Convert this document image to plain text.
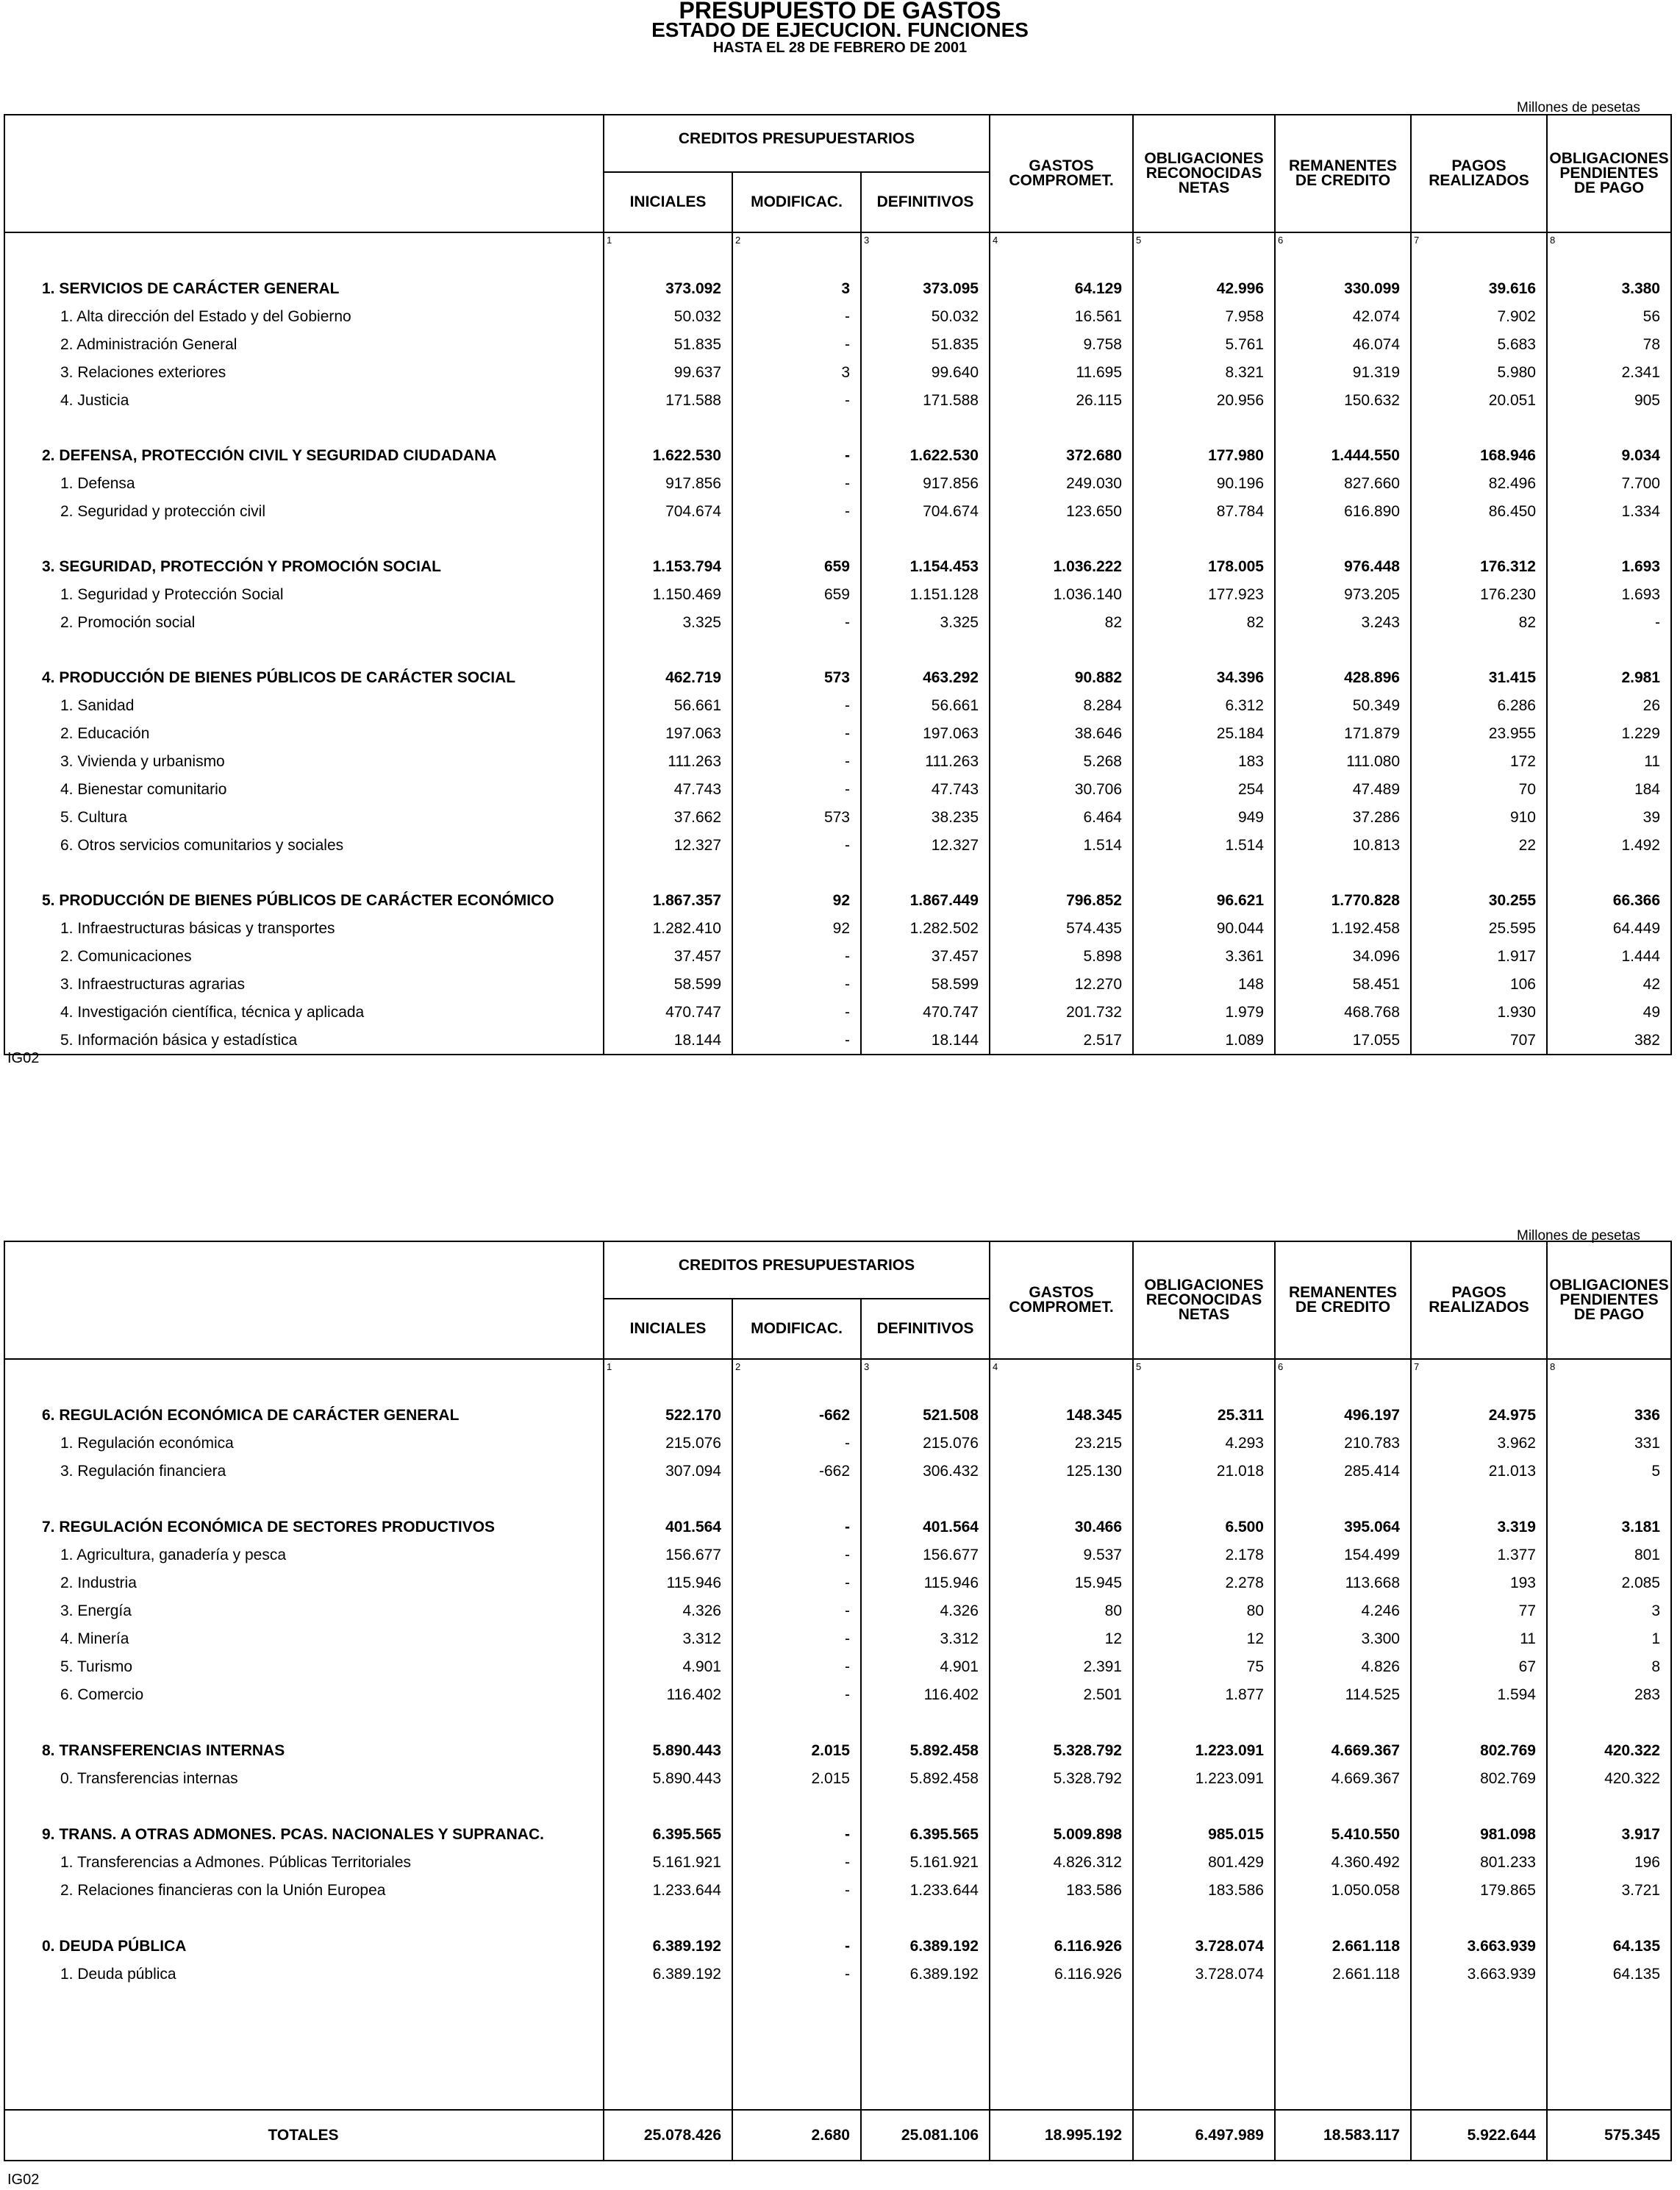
PRESUPUESTO DE GASTOS
ESTADO DE EJECUCION. FUNCIONES
HASTA EL 28 DE FEBRERO DE 2001
Millones de pesetas
	CREDITOS PRESUPUESTARIOS			GASTOS COMPROMET.	OBLIGACIONES RECONOCIDAS NETAS	REMANENTES DE CREDITO	PAGOS REALIZADOS	OBLIGACIONES PENDIENTES DE PAGO
	INICIALES	MODIFICAC.	DEFINITIVOS					
	1	2	3	4	5	6	7	8
1. SERVICIOS DE CARÁCTER GENERAL	373.092	3	373.095	64.129	42.996	330.099	39.616	3.380
1. Alta dirección del Estado y del Gobierno	50.032	-	50.032	16.561	7.958	42.074	7.902	56
2. Administración General	51.835	-	51.835	9.758	5.761	46.074	5.683	78
3. Relaciones exteriores	99.637	3	99.640	11.695	8.321	91.319	5.980	2.341
4. Justicia	171.588	-	171.588	26.115	20.956	150.632	20.051	905

2. DEFENSA, PROTECCIÓN CIVIL Y SEGURIDAD CIUDADANA	1.622.530	-	1.622.530	372.680	177.980	1.444.550	168.946	9.034
1. Defensa	917.856	-	917.856	249.030	90.196	827.660	82.496	7.700
2. Seguridad y protección civil	704.674	-	704.674	123.650	87.784	616.890	86.450	1.334

3. SEGURIDAD, PROTECCIÓN Y PROMOCIÓN SOCIAL	1.153.794	659	1.154.453	1.036.222	178.005	976.448	176.312	1.693
1. Seguridad y Protección Social	1.150.469	659	1.151.128	1.036.140	177.923	973.205	176.230	1.693
2. Promoción social	3.325	-	3.325	82	82	3.243	82	-

4. PRODUCCIÓN DE BIENES PÚBLICOS DE CARÁCTER SOCIAL	462.719	573	463.292	90.882	34.396	428.896	31.415	2.981
1. Sanidad	56.661	-	56.661	8.284	6.312	50.349	6.286	26
2. Educación	197.063	-	197.063	38.646	25.184	171.879	23.955	1.229
3. Vivienda y urbanismo	111.263	-	111.263	5.268	183	111.080	172	11
4. Bienestar comunitario	47.743	-	47.743	30.706	254	47.489	70	184
5. Cultura	37.662	573	38.235	6.464	949	37.286	910	39
6. Otros servicios comunitarios y sociales	12.327	-	12.327	1.514	1.514	10.813	22	1.492

5. PRODUCCIÓN DE BIENES PÚBLICOS DE CARÁCTER ECONÓMICO	1.867.357	92	1.867.449	796.852	96.621	1.770.828	30.255	66.366
1. Infraestructuras básicas y transportes	1.282.410	92	1.282.502	574.435	90.044	1.192.458	25.595	64.449
2. Comunicaciones	37.457	-	37.457	5.898	3.361	34.096	1.917	1.444
3. Infraestructuras agrarias	58.599	-	58.599	12.270	148	58.451	106	42
4. Investigación científica, técnica y aplicada	470.747	-	470.747	201.732	1.979	468.768	1.930	49
5. Información básica y estadística	18.144	-	18.144	2.517	1.089	17.055	707	382
IG02
Millones de pesetas
	CREDITOS PRESUPUESTARIOS			GASTOS COMPROMET.	OBLIGACIONES RECONOCIDAS NETAS	REMANENTES DE CREDITO	PAGOS REALIZADOS	OBLIGACIONES PENDIENTES DE PAGO
	INICIALES	MODIFICAC.	DEFINITIVOS					
	1	2	3	4	5	6	7	8
6. REGULACIÓN ECONÓMICA DE CARÁCTER GENERAL	522.170	-662	521.508	148.345	25.311	496.197	24.975	336
1. Regulación económica	215.076	-	215.076	23.215	4.293	210.783	3.962	331
3. Regulación financiera	307.094	-662	306.432	125.130	21.018	285.414	21.013	5

7. REGULACIÓN ECONÓMICA DE SECTORES PRODUCTIVOS	401.564	-	401.564	30.466	6.500	395.064	3.319	3.181
1. Agricultura, ganadería y pesca	156.677	-	156.677	9.537	2.178	154.499	1.377	801
2. Industria	115.946	-	115.946	15.945	2.278	113.668	193	2.085
3. Energía	4.326	-	4.326	80	80	4.246	77	3
4. Minería	3.312	-	3.312	12	12	3.300	11	1
5. Turismo	4.901	-	4.901	2.391	75	4.826	67	8
6. Comercio	116.402	-	116.402	2.501	1.877	114.525	1.594	283

8. TRANSFERENCIAS INTERNAS	5.890.443	2.015	5.892.458	5.328.792	1.223.091	4.669.367	802.769	420.322
0. Transferencias internas	5.890.443	2.015	5.892.458	5.328.792	1.223.091	4.669.367	802.769	420.322

9. TRANS. A OTRAS ADMONES. PCAS. NACIONALES Y SUPRANAC.	6.395.565	-	6.395.565	5.009.898	985.015	5.410.550	981.098	3.917
1. Transferencias a Admones. Públicas Territoriales	5.161.921	-	5.161.921	4.826.312	801.429	4.360.492	801.233	196
2. Relaciones financieras con la Unión Europea	1.233.644	-	1.233.644	183.586	183.586	1.050.058	179.865	3.721

0. DEUDA PÚBLICA	6.389.192	-	6.389.192	6.116.926	3.728.074	2.661.118	3.663.939	64.135
1. Deuda pública	6.389.192	-	6.389.192	6.116.926	3.728.074	2.661.118	3.663.939	64.135

TOTALES	25.078.426	2.680	25.081.106	18.995.192	6.497.989	18.583.117	5.922.644	575.345
IG02
